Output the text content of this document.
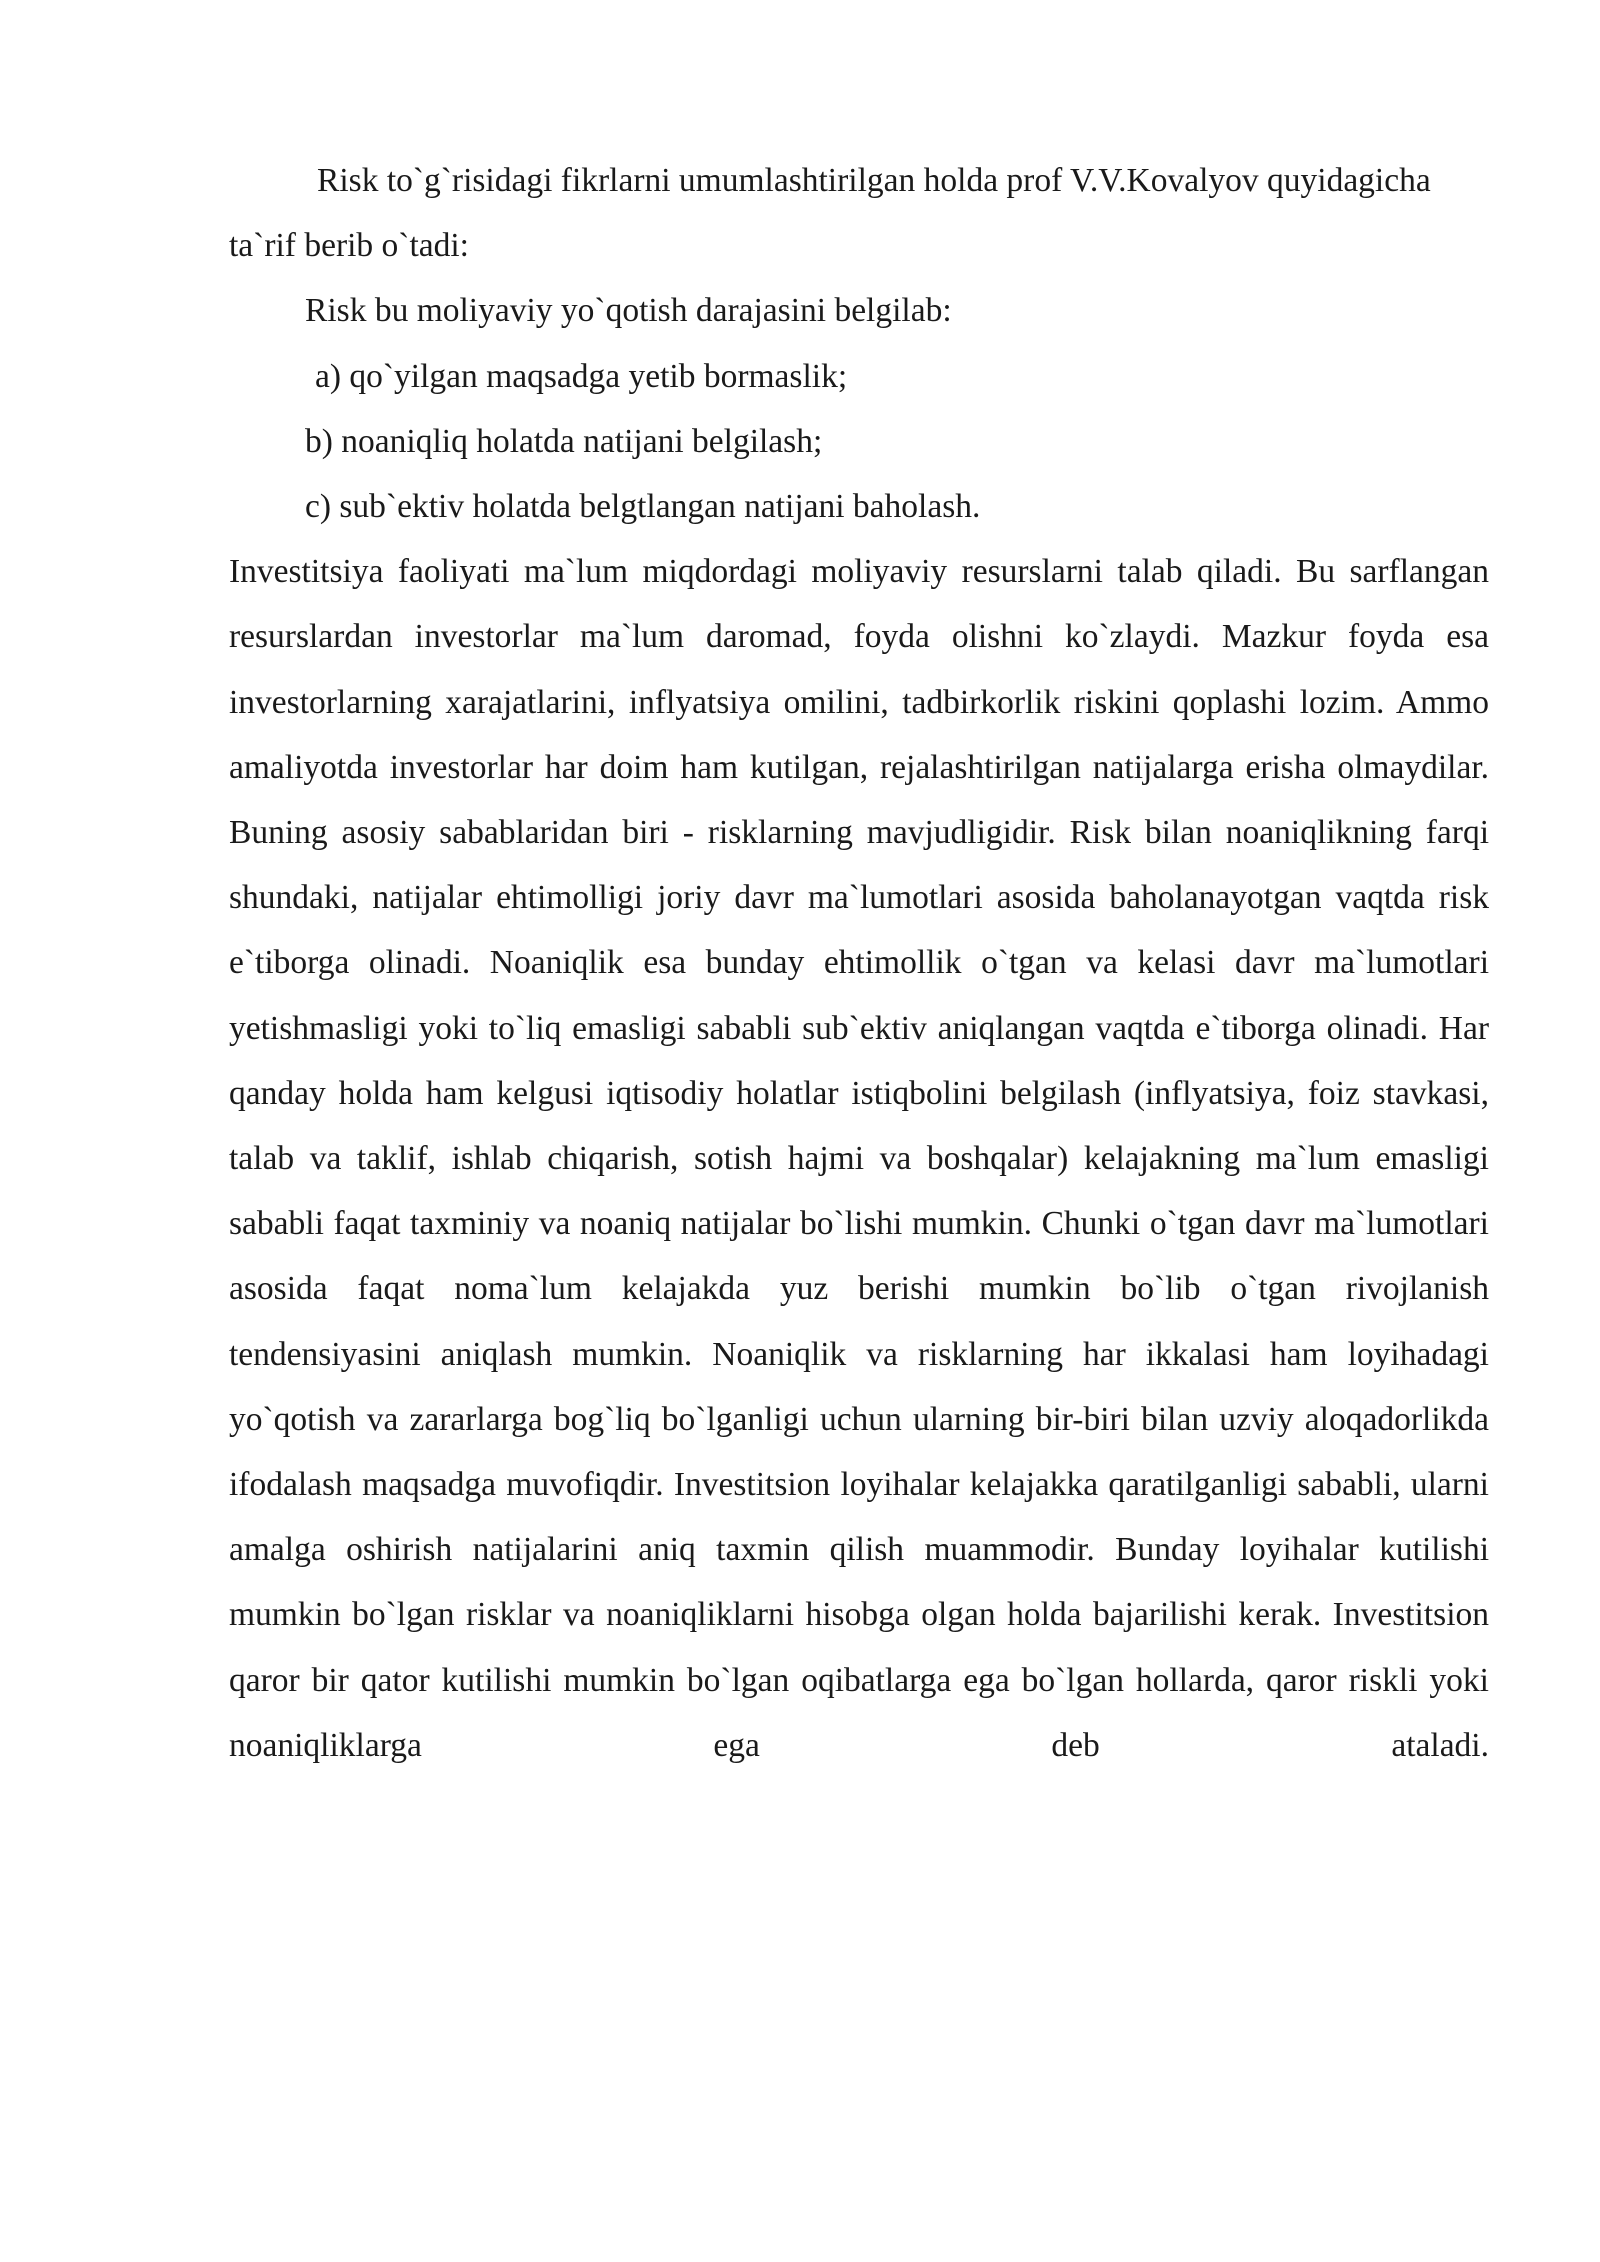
Risk to`g`risidagi fikrlarni umumlashtirilgan holda prof V.V.Kovalyov quyidagicha ta`rif berib o`tadi:

Risk bu moliyaviy yo`qotish darajasini belgilab:

a) qo`yilgan maqsadga yetib bormaslik;

b) noaniqliq holatda natijani belgilash;

c) sub`ektiv holatda belgtlangan natijani baholash.

Investitsiya faoliyati ma`lum miqdordagi moliyaviy resurslarni talab qiladi. Bu sarflangan resurslardan investorlar ma`lum daromad, foyda olishni ko`zlaydi. Mazkur foyda esa investorlarning xarajatlarini, inflyatsiya omilini, tadbirkorlik riskini qoplashi lozim. Ammo amaliyotda investorlar har doim ham kutilgan, rejalashtirilgan natijalarga erisha olmaydilar. Buning asosiy sabablaridan biri - risklarning mavjudligidir. Risk bilan noaniqlikning farqi shundaki, natijalar ehtimolligi joriy davr ma`lumotlari asosida baholanayotgan vaqtda risk e`tiborga olinadi. Noaniqlik esa bunday ehtimollik o`tgan va kelasi davr ma`lumotlari yetishmasligi yoki to`liq emasligi sababli sub`ektiv aniqlangan vaqtda e`tiborga olinadi. Har qanday holda ham kelgusi iqtisodiy holatlar istiqbolini belgilash (inflyatsiya, foiz stavkasi, talab va taklif, ishlab chiqarish, sotish hajmi va boshqalar) kelajakning ma`lum emasligi sababli faqat taxminiy va noaniq natijalar bo`lishi mumkin. Chunki o`tgan davr ma`lumotlari asosida faqat noma`lum kelajakda yuz berishi mumkin bo`lib o`tgan rivojlanish tendensiyasini aniqlash mumkin. Noaniqlik va risklarning har ikkalasi ham loyihadagi yo`qotish va zararlarga bog`liq bo`lganligi uchun ularning bir-biri bilan uzviy aloqadorlikda ifodalash maqsadga muvofiqdir. Investitsion loyihalar kelajakka qaratilganligi sababli, ularni amalga oshirish natijalarini aniq taxmin qilish muammodir. Bunday loyihalar kutilishi mumkin bo`lgan risklar va noaniqliklarni hisobga olgan holda bajarilishi kerak. Investitsion qaror bir qator kutilishi mumkin bo`lgan oqibatlarga ega bo`lgan hollarda, qaror riskli yoki noaniqliklarga ega deb ataladi.
